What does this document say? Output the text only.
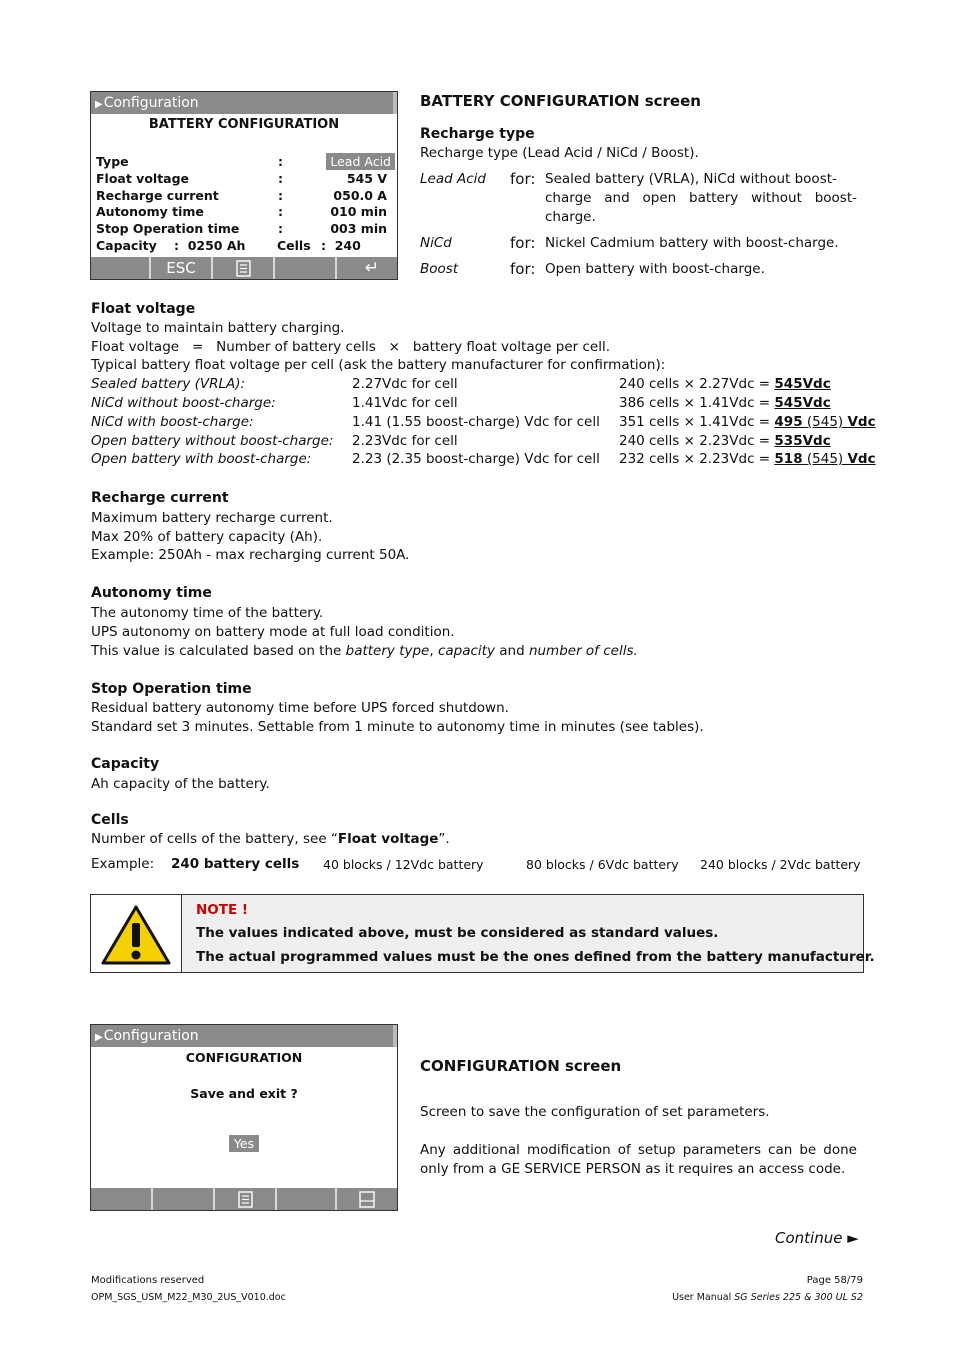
▶Configuration
BATTERY CONFIGURATION
Type	:	Lead Acid
Float voltage	:	545 V
Recharge current	:	050.0 A
Autonomy time	:	010 min
Stop Operation time	:	003 min
Capacity :  0250 Ah	Cells :  240
ESC	↵
BATTERY CONFIGURATION screen
Recharge type
Recharge type (Lead Acid / NiCd / Boost).
Lead Acid for: Sealed battery (VRLA), NiCd without boost-
charge and open battery without boost-
charge.
NiCd	for: Nickel Cadmium battery with boost-charge.
Boost	for: Open battery with boost-charge.
Float voltage
Voltage to maintain battery charging.
Float voltage   =   Number of battery cells   ×   battery float voltage per cell.
Typical battery float voltage per cell (ask the battery manufacturer for confirmation):
Sealed battery (VRLA):	2.27Vdc for cell	240 cells × 2.27Vdc = 545Vdc
NiCd without boost-charge:	1.41Vdc for cell	386 cells × 1.41Vdc = 545Vdc
NiCd with boost-charge:	1.41 (1.55 boost-charge) Vdc for cell 351 cells × 1.41Vdc = 495 (545) Vdc
Open battery without boost-charge: 2.23Vdc for cell	240 cells × 2.23Vdc = 535Vdc
Open battery with boost-charge:	2.23 (2.35 boost-charge) Vdc for cell 232 cells × 2.23Vdc = 518 (545) Vdc
Recharge current
Maximum battery recharge current.
Max 20% of battery capacity (Ah).
Example: 250Ah - max recharging current 50A.
Autonomy time
The autonomy time of the battery.
UPS autonomy on battery mode at full load condition.
This value is calculated based on the battery type, capacity and number of cells.
Stop Operation time
Residual battery autonomy time before UPS forced shutdown.
Standard set 3 minutes. Settable from 1 minute to autonomy time in minutes (see tables).
Capacity
Ah capacity of the battery.
Cells
Number of cells of the battery, see “Float voltage”.
Example: 240 battery cells 40 blocks / 12Vdc battery	80 blocks / 6Vdc battery 240 blocks / 2Vdc battery
NOTE !
The values indicated above, must be considered as standard values.
The actual programmed values must be the ones defined from the battery manufacturer.
▶Configuration
CONFIGURATION
Save and exit ?
Yes
CONFIGURATION screen
Screen to save the configuration of set parameters.
Any additional modification of setup parameters can be done
only from a GE SERVICE PERSON as it requires an access code.
Continue ►
Modifications reserved
OPM_SGS_USM_M22_M30_2US_V010.doc
Page 58/79
User Manual SG Series 225 & 300 UL S2
